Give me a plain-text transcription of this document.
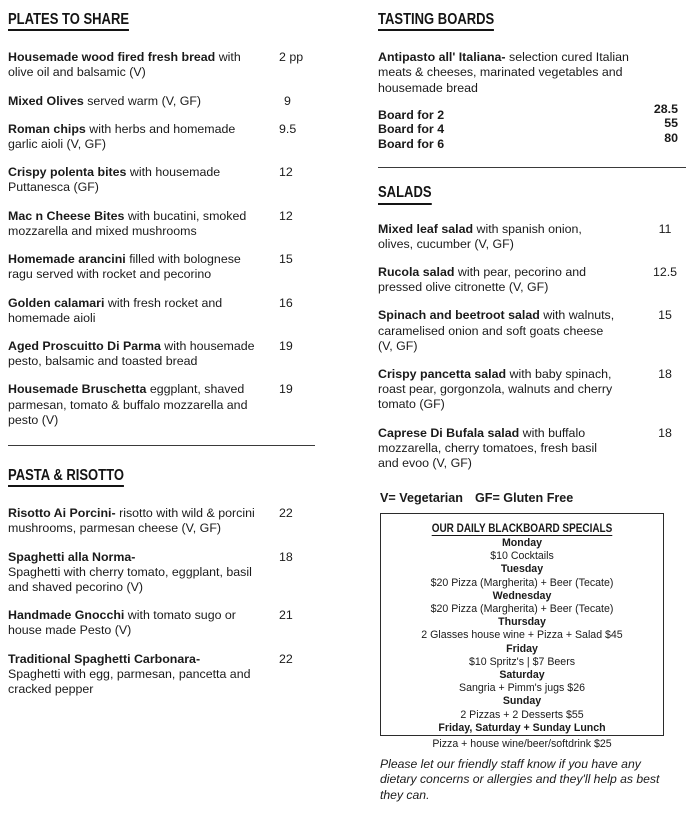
PLATES TO SHARE
Housemade wood fired fresh bread with olive oil and balsamic (V)
2 pp
Mixed Olives served warm (V, GF)	9
Roman chips with herbs and homemade garlic aioli (V, GF)
9.5
Crispy polenta bites with housemade Puttanesca (GF)
12
Mac n Cheese Bites with bucatini, smoked mozzarella and mixed mushrooms
12
Homemade arancini filled with bolognese ragu served with rocket and pecorino
15
Golden calamari with fresh rocket and homemade aioli
16
Aged Proscuitto Di Parma with housemade pesto, balsamic and toasted bread
19
Housemade Bruschetta eggplant, shaved parmesan, tomato & buffalo mozzarella and pesto (V)
19
PASTA & RISOTTO
Risotto Ai Porcini- risotto with wild & porcini mushrooms, parmesan cheese (V, GF)
22
Spaghetti alla Norma-
Spaghetti with cherry tomato, eggplant, basil and shaved pecorino (V)
18
Handmade Gnocchi with tomato sugo or house made Pesto (V)
21
Traditional Spaghetti Carbonara-
Spaghetti with egg, parmesan, pancetta and cracked pepper
22
TASTING BOARDS
Antipasto all' Italiana- selection cured Italian meats & cheeses, marinated vegetables and housemade bread
28.5
55
80
Board for 2
Board for 4
Board for 6
SALADS
Mixed leaf salad with spanish onion, olives, cucumber (V, GF)
11
Rucola salad with pear, pecorino and pressed olive citronette (V, GF)
12.5
Spinach and beetroot salad with walnuts, caramelised onion and soft goats cheese (V, GF)
15
Crispy pancetta salad with baby spinach, roast pear, gorgonzola, walnuts and cherry tomato (GF)
18
Caprese Di Bufala salad with buffalo mozzarella, cherry tomatoes, fresh basil and evoo (V, GF)
18
V= Vegetarian GF= Gluten Free
OUR DAILY BLACKBOARD SPECIALS
Monday
$10 Cocktails
Tuesday
$20 Pizza (Margherita) + Beer (Tecate)
Wednesday
$20 Pizza (Margherita) + Beer (Tecate)
Thursday
2 Glasses house wine + Pizza + Salad $45
Friday
$10 Spritz's | $7 Beers
Saturday
Sangria + Pimm's jugs $26
Sunday
2 Pizzas + 2 Desserts $55
Friday, Saturday + Sunday Lunch
Pizza + house wine/beer/softdrink $25
Please let our friendly staff know if you have any dietary concerns or allergies and they'll help as best they can.
